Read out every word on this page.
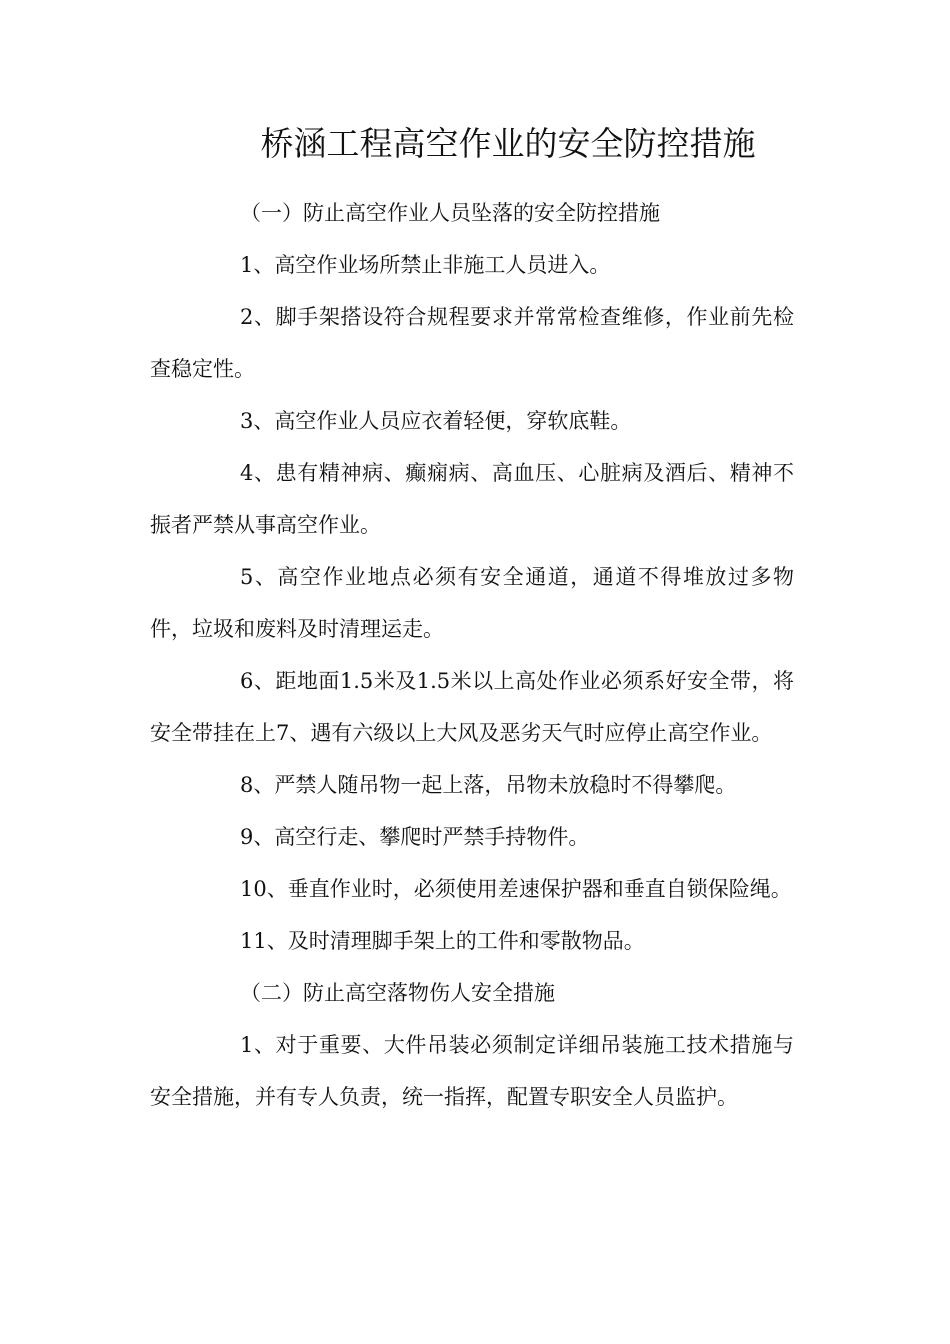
桥涵工程高空作业的安全防控措施

（一）防止高空作业人员坠落的安全防控措施

1、高空作业场所禁止非施工人员进入。

2、脚手架搭设符合规程要求并常常检查维修，作业前先检查稳定性。

3、高空作业人员应衣着轻便，穿软底鞋。

4、患有精神病、癫痫病、高血压、心脏病及酒后、精神不振者严禁从事高空作业。

5、高空作业地点必须有安全通道，通道不得堆放过多物件，垃圾和废料及时清理运走。

6、距地面1.5米及1.5米以上高处作业必须系好安全带，将安全带挂在上7、遇有六级以上大风及恶劣天气时应停止高空作业。

8、严禁人随吊物一起上落，吊物未放稳时不得攀爬。

9、高空行走、攀爬时严禁手持物件。

10、垂直作业时，必须使用差速保护器和垂直自锁保险绳。

11、及时清理脚手架上的工件和零散物品。

（二）防止高空落物伤人安全措施

1、对于重要、大件吊装必须制定详细吊装施工技术措施与安全措施，并有专人负责，统一指挥，配置专职安全人员监护。
